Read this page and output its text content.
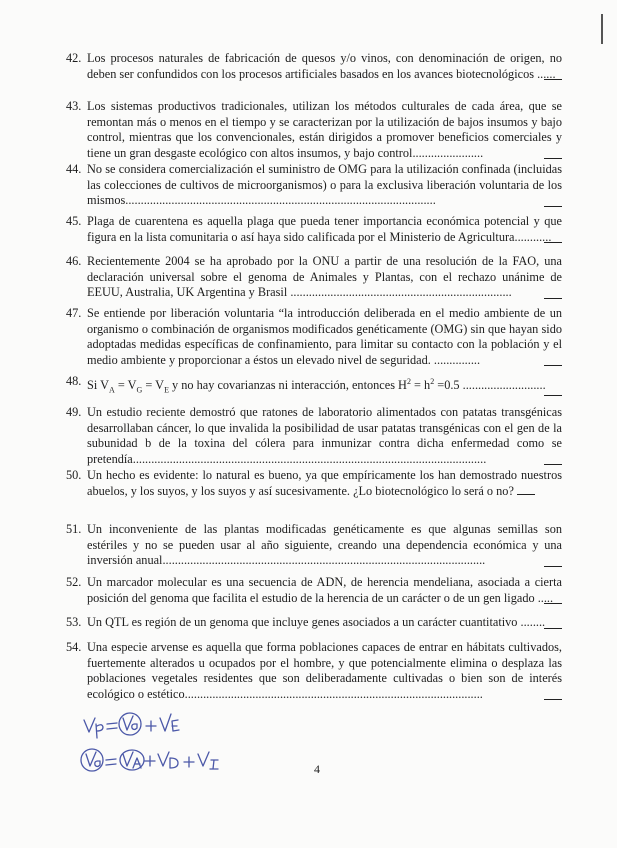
42. Los procesos naturales de fabricación de quesos y/o vinos, con denominación de origen, no deben ser confundidos con los procesos artificiales basados en los avances biotecnológicos ......
43. Los sistemas productivos tradicionales, utilizan los métodos culturales de cada área, que se remontan más o menos en el tiempo y se caracterizan por la utilización de bajos insumos y bajo control, mientras que los convencionales, están dirigidos a promover beneficios comerciales y tiene un gran desgaste ecológico con altos insumos, y bajo control.......................
44. No se considera comercialización el suministro de OMG para la utilización confinada (incluidas las colecciones de cultivos de microorganismos) o para la exclusiva liberación voluntaria de los mismos.....................................................................................................
45. Plaga de cuarentena es aquella plaga que pueda tener importancia económica potencial y que figura en la lista comunitaria o así haya sido calificada por el Ministerio de Agricultura............
46. Recientemente 2004 se ha aprobado por la ONU a partir de una resolución de la FAO, una declaración universal sobre el genoma de Animales y Plantas, con el rechazo unánime de EEUU, Australia, UK Argentina y Brasil ........................................................................
47. Se entiende por liberación voluntaria “la introducción deliberada en el medio ambiente de un organismo o combinación de organismos modificados genéticamente (OMG) sin que hayan sido adoptadas medidas específicas de confinamiento, para limitar su contacto con la población y el medio ambiente y proporcionar a éstos un elevado nivel de seguridad. ...............
48. Si $V_A = V_G = V_E$ y no hay covarianzas ni interacción, entonces $H^2 = h^2 =0.5$ ...........................
49. Un estudio reciente demostró que ratones de laboratorio alimentados con patatas transgénicas desarrollaban cáncer, lo que invalida la posibilidad de usar patatas transgénicas con el gen de la subunidad b de la toxina del cólera para inmunizar contra dicha enfermedad como se pretendía...................................................................................................................
50. Un hecho es evidente: lo natural es bueno, ya que empíricamente los han demostrado nuestros abuelos, y los suyos, y los suyos y así sucesivamente. ¿Lo biotecnológico lo será o no?
51. Un inconveniente de las plantas modificadas genéticamente es que algunas semillas son estériles y no se pueden usar al año siguiente, creando una dependencia económica y una inversión anual.........................................................................................................
52. Un marcador molecular es una secuencia de ADN, de herencia mendeliana, asociada a cierta posición del genoma que facilita el estudio de la herencia de un carácter o de un gen ligado .....
53. Un QTL es región de un genoma que incluye genes asociados a un carácter cuantitativo ........
54. Una especie arvense es aquella que forma poblaciones capaces de entrar en hábitats cultivados, fuertemente alterados u ocupados por el hombre, y que potencialmente elimina o desplaza las poblaciones vegetales residentes que son deliberadamente cultivadas o bien son de interés ecológico o estético.................................................................................................
4
